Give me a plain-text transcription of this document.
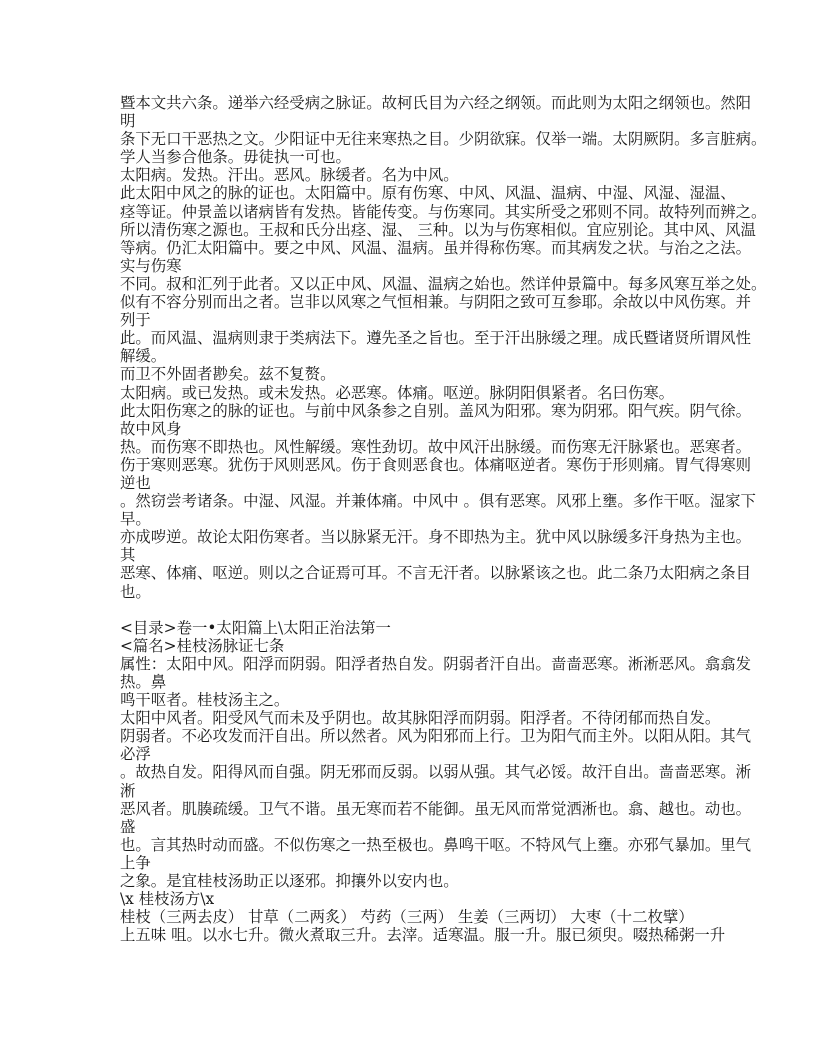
暨本文共六条。递举六经受病之脉证。故柯氏目为六经之纲领。而此则为太阳之纲领也。然阳
明
条下无口干恶热之文。少阳证中无往来寒热之目。少阴欲寐。仅举一端。太阴厥阴。多言脏病。
学人当参合他条。毋徒执一可也。
太阳病。发热。汗出。恶风。脉缓者。名为中风。
此太阳中风之的脉的证也。太阳篇中。原有伤寒、中风、风温、温病、中湿、风湿、湿温、
痉等证。仲景盖以诸病皆有发热。皆能传变。与伤寒同。其实所受之邪则不同。故特列而辨之。
所以清伤寒之源也。王叔和氏分出痉、湿、 三种。以为与伤寒相似。宜应别论。其中风、风温
等病。仍汇太阳篇中。要之中风、风温、温病。虽并得称伤寒。而其病发之状。与治之之法。
实与伤寒
不同。叔和汇列于此者。又以正中风、风温、温病之始也。然详仲景篇中。每多风寒互举之处。
似有不容分别而出之者。岂非以风寒之气恒相兼。与阴阳之致可互参耶。余故以中风伤寒。并
列于
此。而风温、温病则隶于类病法下。遵先圣之旨也。至于汗出脉缓之理。成氏暨诸贤所谓风性
解缓。
而卫不外固者尠矣。兹不复赘。
太阳病。或已发热。或未发热。必恶寒。体痛。呕逆。脉阴阳俱紧者。名曰伤寒。
此太阳伤寒之的脉的证也。与前中风条参之自别。盖风为阳邪。寒为阴邪。阳气疾。阴气徐。
故中风身
热。而伤寒不即热也。风性解缓。寒性劲切。故中风汗出脉缓。而伤寒无汗脉紧也。恶寒者。
伤于寒则恶寒。犹伤于风则恶风。伤于食则恶食也。体痛呕逆者。寒伤于形则痛。胃气得寒则
逆也
。然窃尝考诸条。中湿、风湿。并兼体痛。中风中 。俱有恶寒。风邪上壅。多作干呕。湿家下
早。
亦成哕逆。故论太阳伤寒者。当以脉紧无汗。身不即热为主。犹中风以脉缓多汗身热为主也。
其
恶寒、体痛、呕逆。则以之合证焉可耳。不言无汗者。以脉紧该之也。此二条乃太阳病之条目
也。
<目录>卷一•太阳篇上\太阳正治法第一
<篇名>桂枝汤脉证七条
属性：太阳中风。阳浮而阴弱。阳浮者热自发。阴弱者汗自出。啬啬恶寒。淅淅恶风。翕翕发
热。鼻
鸣干呕者。桂枝汤主之。
太阳中风者。阳受风气而未及乎阴也。故其脉阳浮而阴弱。阳浮者。不待闭郁而热自发。
阴弱者。不必攻发而汗自出。所以然者。风为阳邪而上行。卫为阳气而主外。以阳从阳。其气
必浮
。故热自发。阳得风而自强。阴无邪而反弱。以弱从强。其气必馁。故汗自出。啬啬恶寒。淅
淅
恶风者。肌腠疏缓。卫气不谐。虽无寒而若不能御。虽无风而常觉洒淅也。翕、越也。动也。
盛
也。言其热时动而盛。不似伤寒之一热至极也。鼻鸣干呕。不特风气上壅。亦邪气暴加。里气
上争
之象。是宜桂枝汤助正以逐邪。抑攘外以安内也。
\x 桂枝汤方\x
桂枝（三两去皮） 甘草（二两炙） 芍药（三两） 生姜（三两切） 大枣（十二枚擘）
上五味 咀。以水七升。微火煮取三升。去滓。适寒温。服一升。服已须臾。啜热稀粥一升
